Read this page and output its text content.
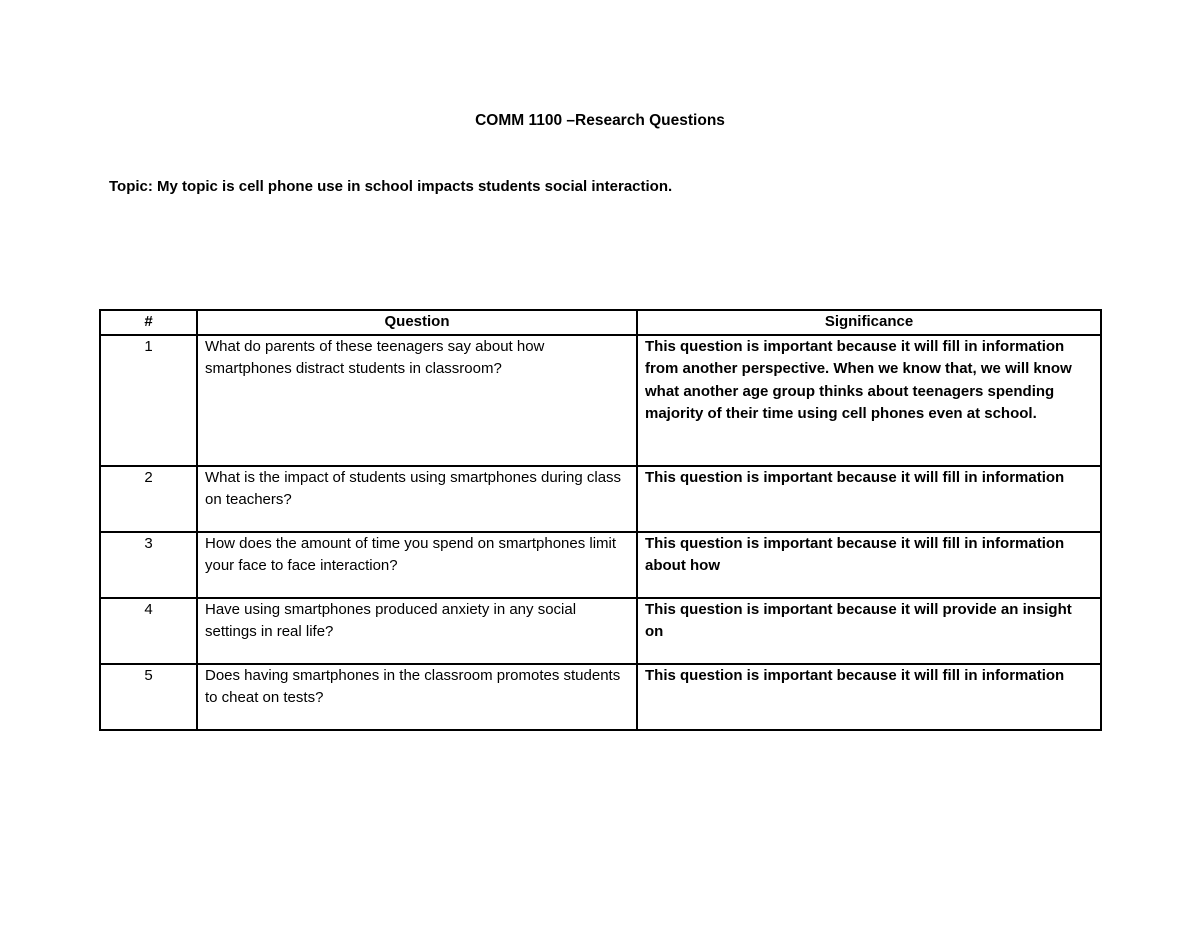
COMM 1100 –Research Questions
Topic: My topic is cell phone use in school impacts students social interaction.
#	Question	Significance
1	What do parents of these teenagers say about how smartphones distract students in classroom?	This question is important because it will fill in information from another perspective. When we know that, we will know what another age group thinks about teenagers spending majority of their time using cell phones even at school.
2	What is the impact of students using smartphones during class on teachers?	This question is important because it will fill in information
3	How does the amount of time you spend on smartphones limit your face to face interaction?	This question is important because it will fill in information about how
4	Have using smartphones produced anxiety in any social settings in real life?	This question is important because it will provide an insight on
5	Does having smartphones in the classroom promotes students to cheat on tests?	This question is important because it will fill in information
